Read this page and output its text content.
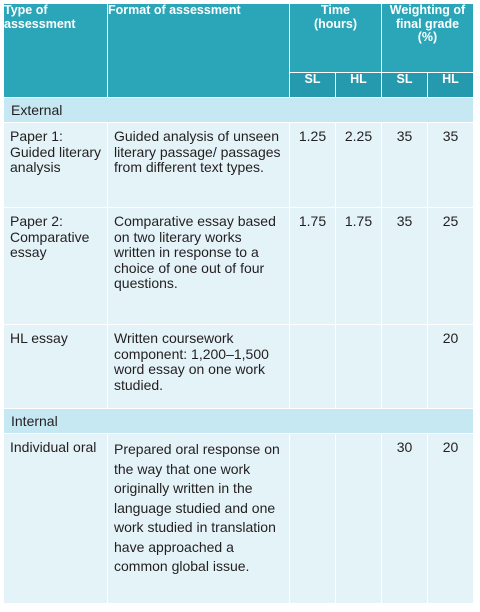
Type of assessment	Format of assessment	Time (hours)		Weighting of final grade (%)	

		SL	HL	SL	HL
External					
Paper 1: Guided literary analysis	Guided analysis of unseen literary passage/ passages from different text types.	1.25	2.25	35	35
Paper 2: Comparative essay	Comparative essay based on two literary works written in response to a choice of one out of four questions.	1.75	1.75	35	25
HL essay	Written coursework component: 1,200–1,500 word essay on one work studied.				20
Internal					
Individual oral	Prepared oral response on the way that one work originally written in the language studied and one work studied in translation have approached a common global issue.			30	20
